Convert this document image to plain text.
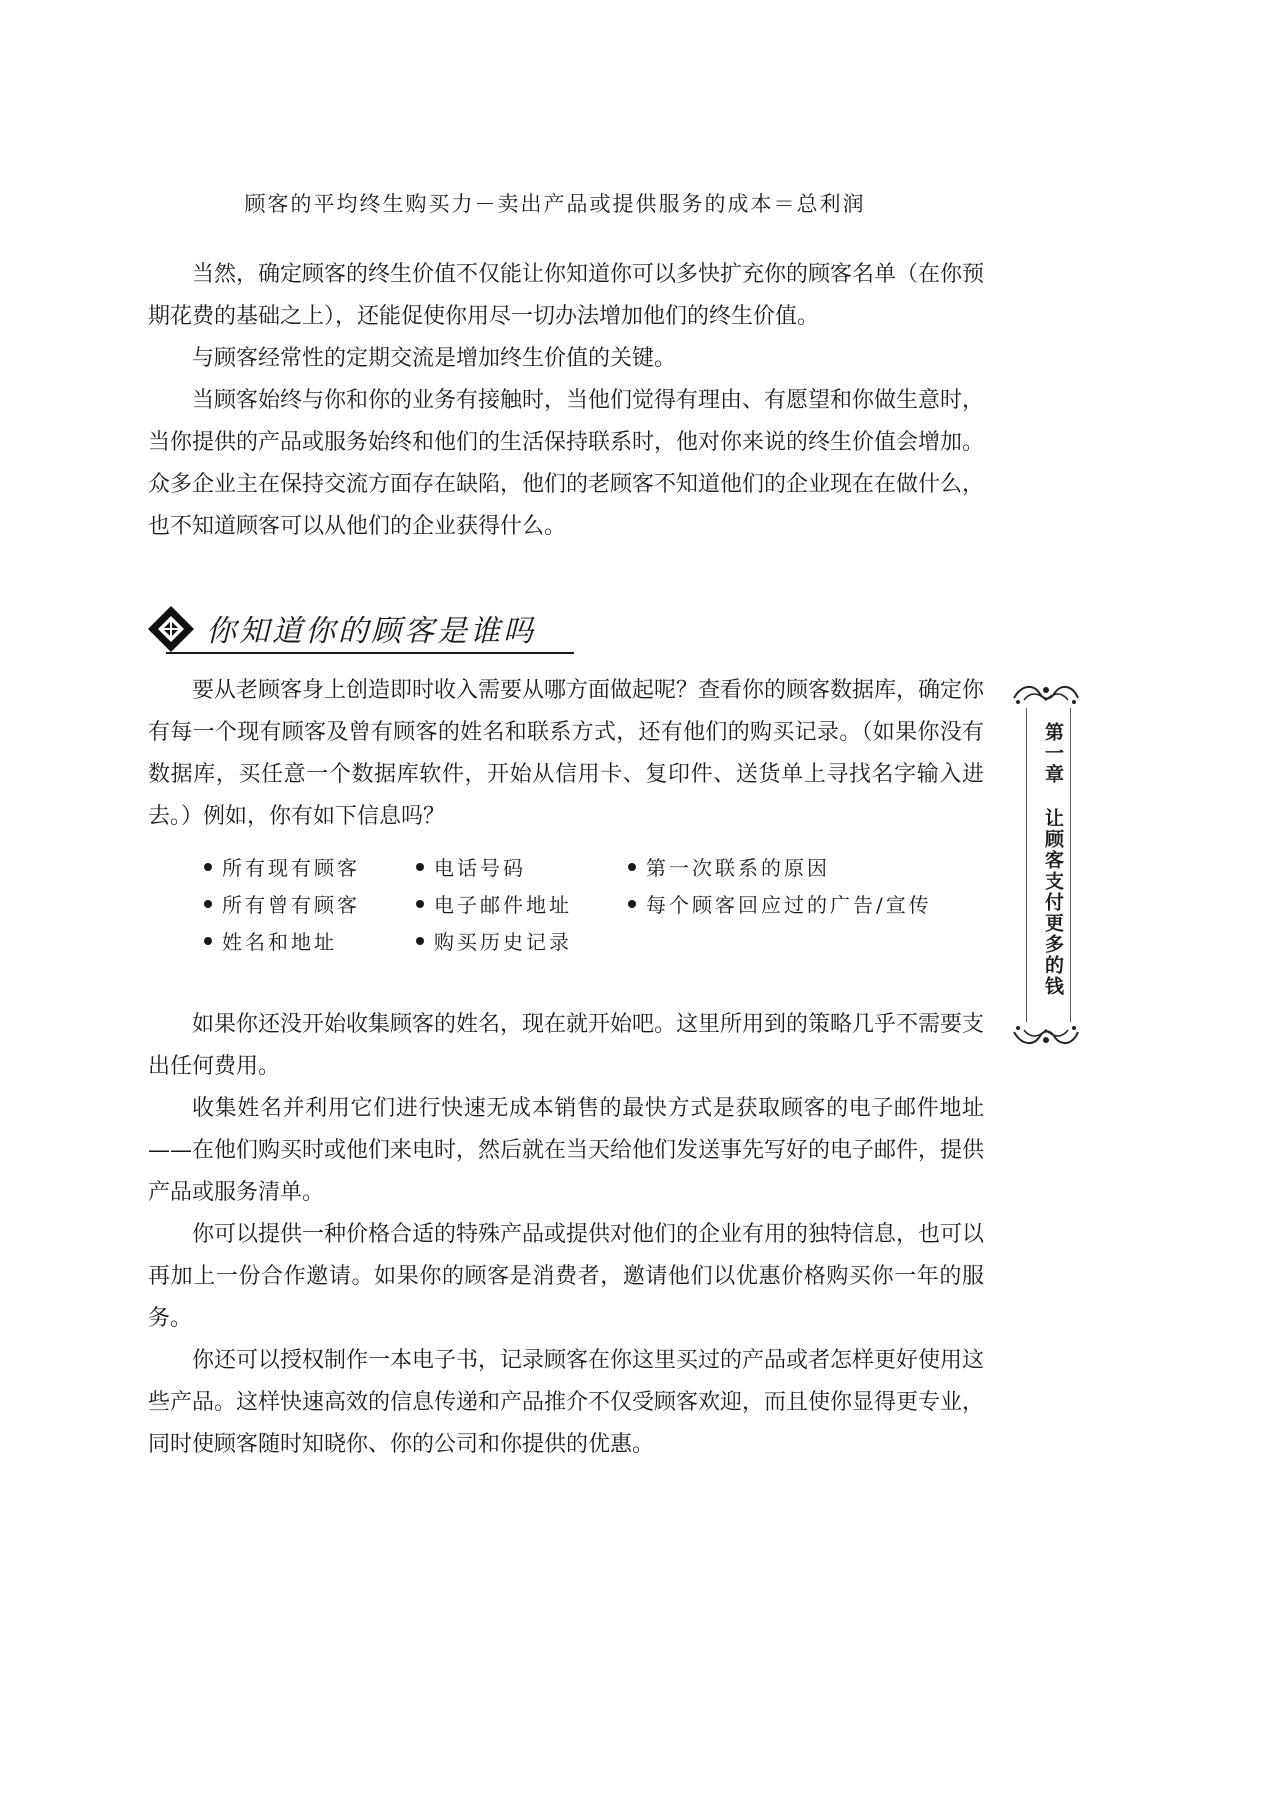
顾客的平均终生购买力－卖出产品或提供服务的成本＝总利润

当然，确定顾客的终生价值不仅能让你知道你可以多快扩充你的顾客名单（在你预期花费的基础之上），还能促使你用尽一切办法增加他们的终生价值。

与顾客经常性的定期交流是增加终生价值的关键。

当顾客始终与你和你的业务有接触时，当他们觉得有理由、有愿望和你做生意时，当你提供的产品或服务始终和他们的生活保持联系时，他对你来说的终生价值会增加。众多企业主在保持交流方面存在缺陷，他们的老顾客不知道他们的企业现在在做什么，也不知道顾客可以从他们的企业获得什么。

你知道你的顾客是谁吗

要从老顾客身上创造即时收入需要从哪方面做起呢？查看你的顾客数据库，确定你有每一个现有顾客及曾有顾客的姓名和联系方式，还有他们的购买记录。（如果你没有数据库，买任意一个数据库软件，开始从信用卡、复印件、送货单上寻找名字输入进去。）例如，你有如下信息吗？

所有现有顾客
所有曾有顾客
姓名和地址
电话号码
电子邮件地址
购买历史记录
第一次联系的原因
每个顾客回应过的广告/宣传

如果你还没开始收集顾客的姓名，现在就开始吧。这里所用到的策略几乎不需要支出任何费用。

收集姓名并利用它们进行快速无成本销售的最快方式是获取顾客的电子邮件地址——在他们购买时或他们来电时，然后就在当天给他们发送事先写好的电子邮件，提供产品或服务清单。

你可以提供一种价格合适的特殊产品或提供对他们的企业有用的独特信息，也可以再加上一份合作邀请。如果你的顾客是消费者，邀请他们以优惠价格购买你一年的服务。

你还可以授权制作一本电子书，记录顾客在你这里买过的产品或者怎样更好使用这些产品。这样快速高效的信息传递和产品推介不仅受顾客欢迎，而且使你显得更专业，同时使顾客随时知晓你、你的公司和你提供的优惠。

第一章
让顾客支付更多的钱
